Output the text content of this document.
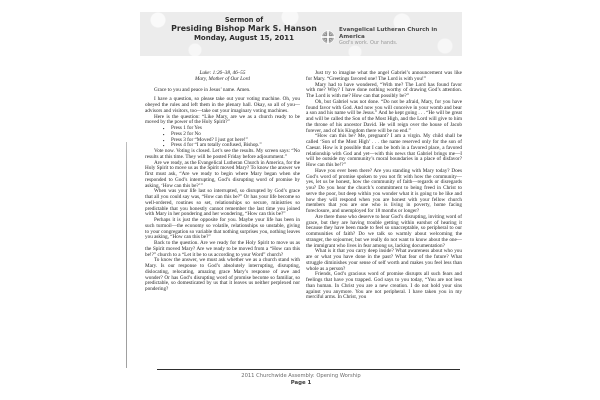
Sermon of
Presiding Bishop Mark S. Hanson
Monday, August 15, 2011
Evangelical Lutheran Church in America
God's work. Our hands.
Luke: 1:26–38, 46–55
Mary, Mother of Our Lord

Grace to you and peace in Jesus’ name. Amen.

I have a question, so please take out your voting machine. Oh, you obeyed the rules and left them in the plenary hall. Okay, so all of you—advisors and visitors, too—take out your imaginary voting machines.

Here is the question: “Like Mary, are we as a church ready to be moved by the power of the Holy Spirit?”

▪ Press 1 for Yes
▪ Press 2 for No
▪ Press 3 for “Moved? I just got here!”
▪ Press 4 for “I am totally confused, Bishop.”

Vote now. Voting is closed. Let’s see the results. My screen says: “No results at this time. They will be posted Friday before adjournment.”

Are we ready, as the Evangelical Lutheran Church in America, for the Holy Spirit to move us as the Spirit moved Mary? To know the answer we first must ask, “Are we ready to begin where Mary began when she responded to God’s interrupting, God’s disrupting word of promise by asking, ‘How can this be?’”

When was your life last so interrupted, so disrupted by God’s grace that all you could say was, “How can this be?” Or has your life become so well-ordered, routines so set, relationships so secure, ministries so predictable that you honestly cannot remember the last time you joined with Mary in her pondering and her wondering, “How can this be?”

Perhaps it is just the opposite for you. Maybe your life has been in such turmoil—the economy so volatile, relationships so unstable, giving to your congregation so variable that nothing surprises you, nothing leaves you asking, “How can this be?”

Back to the question. Are we ready for the Holy Spirit to move us as the Spirit moved Mary? Are we ready to be moved from a “How can this be!?” church to a “Let it be to us according to your Word” church?

To know the answer, we must ask whether we as a church stand with Mary. Is our response to God’s absolutely interrupting, disrupting, dislocating, relocating, amazing grace Mary’s response of awe and wonder? Or has God’s disrupting word of promise become so familiar, so predictable, so domesticated by us that it leaves us neither perplexed nor pondering?

Just try to imagine what the angel Gabriel’s announcement was like for Mary. “Greetings favored one! The Lord is with you!”

Mary had to have wondered, “With me? The Lord has found favor with me? Why? I have done nothing worthy of drawing God’s attention. The Lord is with me? How can that possibly be?”

Oh, but Gabriel was not done. “Do not be afraid, Mary, for you have found favor with God. And now you will conceive in your womb and bear a son and his name will be Jesus.” And he kept going . . . “He will be great and will be called the Son of the Most High, and the Lord will give to him the throne of his ancestor David. He will reign over the house of Jacob forever, and of his Kingdom there will be no end.”

“How can this be? Me, pregnant? I am a virgin. My child shall be called ‘Son of the Most High’ . . . the name reserved only for the son of Caesar. How is it possible that I can be both in a favored place, a favored relationship with God and yet—with this news that Gabriel brings me—I will be outside my community’s moral boundaries in a place of disfavor? How can this be!?”

Have you ever been there? Are you standing with Mary today? Does God’s word of promise spoken to you not fit with how the community—yes, let us be honest, how the community of faith—regards or disregards you? Do you hear the church’s commitment to being freed in Christ to serve the poor, but deep within you wonder what it is going to be like and how they will respond when you are honest with your fellow church members that you are one who is living in poverty, home facing foreclosure, and unemployed for 18 months or longer?

Are there those who deserve to hear God’s disrupting, inviting word of grace, but they are having trouble getting within earshot of hearing it because they have been made to feel so unacceptable, so peripheral to our communities of faith? Do we talk so warmly about welcoming the stranger, the sojourner, but we really do not want to know about the one—the immigrant who lives in fear among us, lacking documentation?

What is it that you carry deep inside? What awareness about who you are or what you have done in the past? What fear of the future? What struggle diminishes your sense of self worth and makes you feel less than whole as a person?

Friends, God’s gracious word of promise disrupts all such fears and feelings that have you trapped. God says to you today, “You are not less than human. In Christ you are a new creation. I do not hold your sins against you anymore. You are not peripheral. I have taken you in my merciful arms. In Christ, you

2011 Churchwide Assembly: Opening Worship
Page 1
